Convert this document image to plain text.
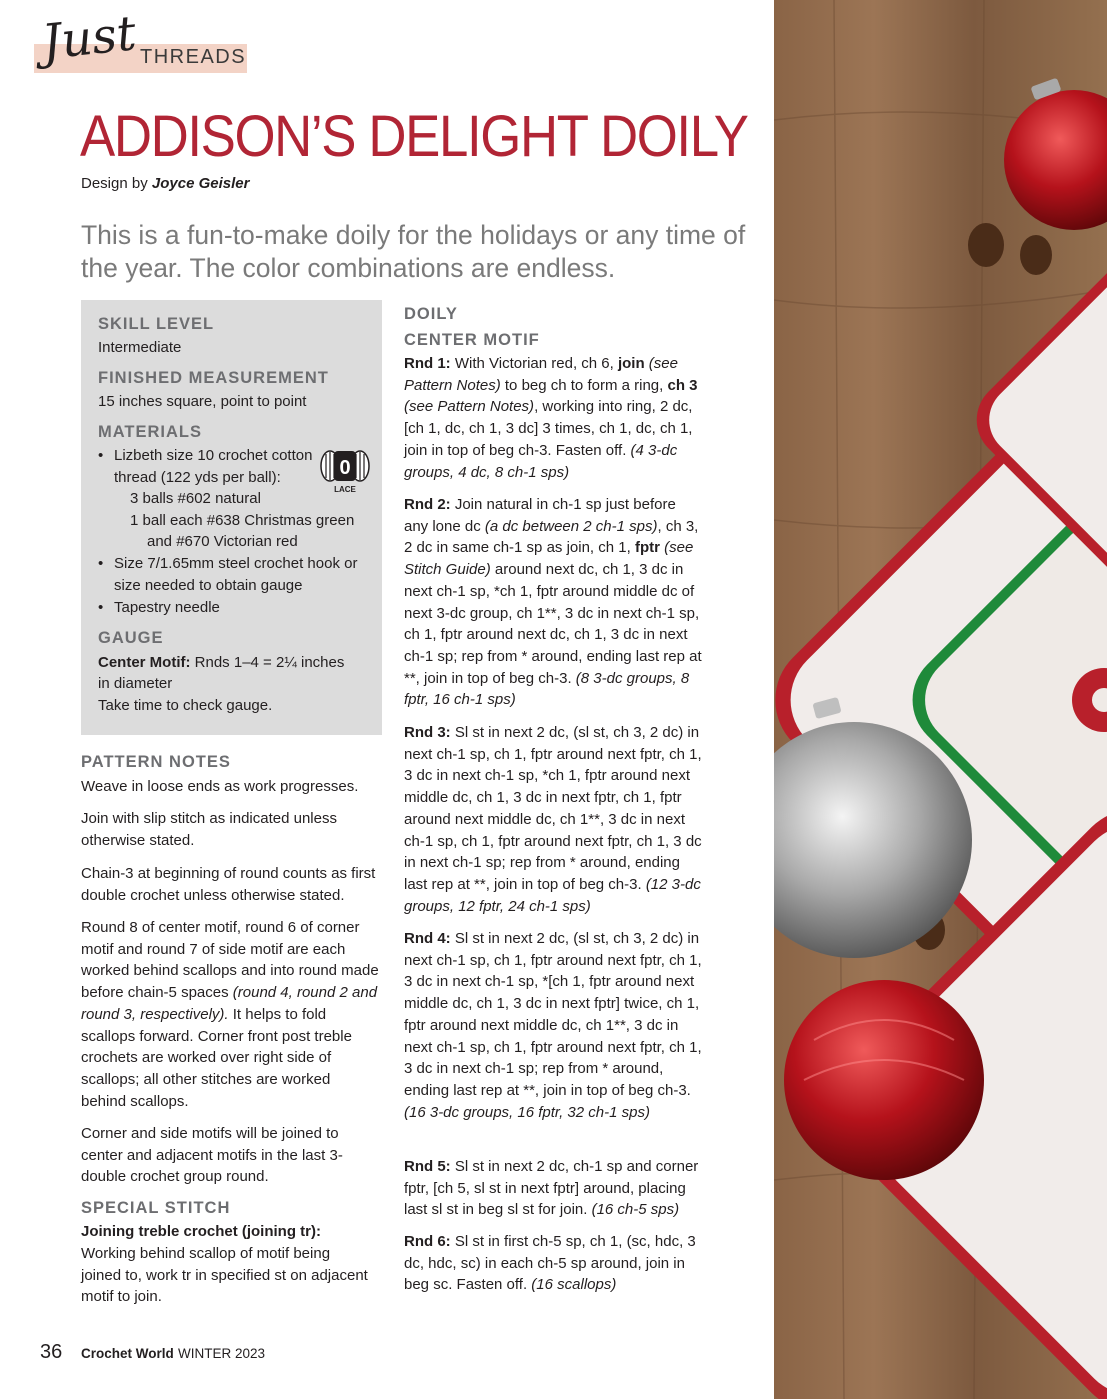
Just THREADS
ADDISON’S DELIGHT DOILY
Design by Joyce Geisler
This is a fun-to-make doily for the holidays or any time of the year. The color combinations are endless.
SKILL LEVEL
Intermediate
FINISHED MEASUREMENT
15 inches square, point to point
MATERIALS
• Lizbeth size 10 crochet cotton
thread (122 yds per ball):
3 balls #602 natural
1 ball each #638 Christmas green
and #670 Victorian red
• Size 7/1.65mm steel crochet hook or
size needed to obtain gauge
• Tapestry needle
0
LACE
GAUGE
Center Motif: Rnds 1–4 = 2¼ inches
in diameter
Take time to check gauge.
PATTERN NOTES
Weave in loose ends as work progresses.
Join with slip stitch as indicated unless otherwise stated.
Chain-3 at beginning of round counts as first double crochet unless otherwise stated.
Round 8 of center motif, round 6 of corner motif and round 7 of side motif are each worked behind scallops and into round made before chain-5 spaces (round 4, round 2 and round 3, respectively). It helps to fold scallops forward. Corner front post treble crochets are worked over right side of scallops; all other stitches are worked behind scallops.
Corner and side motifs will be joined to center and adjacent motifs in the last 3-double crochet group round.
SPECIAL STITCH
Joining treble crochet (joining tr):
Working behind scallop of motif being joined to, work tr in specified st on adjacent motif to join.
DOILY
CENTER MOTIF
Rnd 1: With Victorian red, ch 6, join (see Pattern Notes) to beg ch to form a ring, ch 3 (see Pattern Notes), working into ring, 2 dc, [ch 1, dc, ch 1, 3 dc] 3 times, ch 1, dc, ch 1, join in top of beg ch-3. Fasten off. (4 3-dc groups, 4 dc, 8 ch-1 sps)
Rnd 2: Join natural in ch-1 sp just before any lone dc (a dc between 2 ch-1 sps), ch 3, 2 dc in same ch-1 sp as join, ch 1, fptr (see Stitch Guide) around next dc, ch 1, 3 dc in next ch-1 sp, *ch 1, fptr around middle dc of next 3-dc group, ch 1**, 3 dc in next ch-1 sp, ch 1, fptr around next dc, ch 1, 3 dc in next ch-1 sp; rep from * around, ending last rep at **, join in top of beg ch-3. (8 3-dc groups, 8 fptr, 16 ch-1 sps)
Rnd 3: Sl st in next 2 dc, (sl st, ch 3, 2 dc) in next ch-1 sp, ch 1, fptr around next fptr, ch 1, 3 dc in next ch-1 sp, *ch 1, fptr around next middle dc, ch 1, 3 dc in next fptr, ch 1, fptr around next middle dc, ch 1**, 3 dc in next ch-1 sp, ch 1, fptr around next fptr, ch 1, 3 dc in next ch-1 sp; rep from * around, ending last rep at **, join in top of beg ch-3. (12 3-dc groups, 12 fptr, 24 ch-1 sps)
Rnd 4: Sl st in next 2 dc, (sl st, ch 3, 2 dc) in next ch-1 sp, ch 1, fptr around next fptr, ch 1, 3 dc in next ch-1 sp, *[ch 1, fptr around next middle dc, ch 1, 3 dc in next fptr] twice, ch 1, fptr around next middle dc, ch 1**, 3 dc in next ch-1 sp, ch 1, fptr around next fptr, ch 1, 3 dc in next ch-1 sp; rep from * around, ending last rep at **, join in top of beg ch-3. (16 3-dc groups, 16 fptr, 32 ch-1 sps)
Rnd 5: Sl st in next 2 dc, ch-1 sp and corner fptr, [ch 5, sl st in next fptr] around, placing last sl st in beg sl st for join. (16 ch-5 sps)
Rnd 6: Sl st in first ch-5 sp, ch 1, (sc, hdc, 3 dc, hdc, sc) in each ch-5 sp around, join in beg sc. Fasten off. (16 scallops)
36 Crochet World WINTER 2023
